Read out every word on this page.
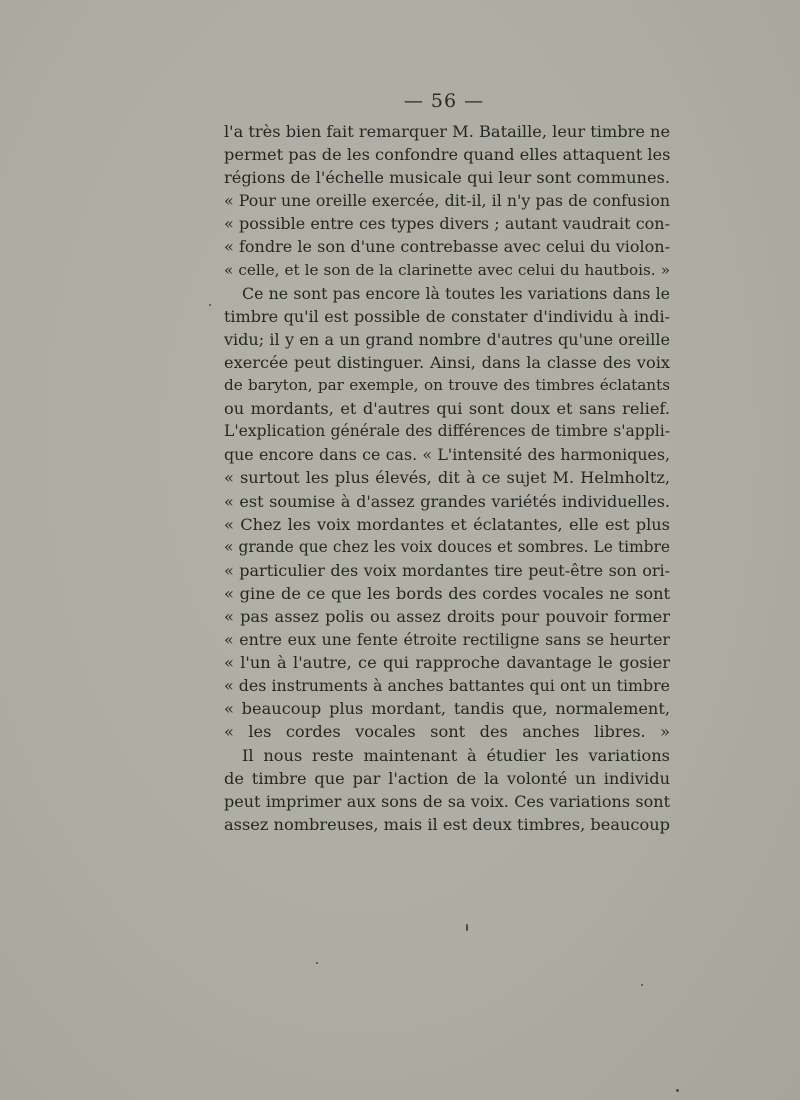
— 56 —
l'a très bien fait remarquer M. Bataille, leur timbre ne
permet pas de les confondre quand elles attaquent les
régions de l'échelle musicale qui leur sont communes.
« Pour une oreille exercée, dit-il, il n'y pas de confusion
« possible entre ces types divers ; autant vaudrait con-
« fondre le son d'une contrebasse avec celui du violon-
« celle, et le son de la clarinette avec celui du hautbois. »
Ce ne sont pas encore là toutes les variations dans le
timbre qu'il est possible de constater d'individu à indi-
vidu; il y en a un grand nombre d'autres qu'une oreille
exercée peut distinguer. Ainsi, dans la classe des voix
de baryton, par exemple, on trouve des timbres éclatants
ou mordants, et d'autres qui sont doux et sans relief.
L'explication générale des différences de timbre s'appli-
que encore dans ce cas. « L'intensité des harmoniques,
« surtout les plus élevés, dit à ce sujet M. Helmholtz,
« est soumise à d'assez grandes variétés individuelles.
« Chez les voix mordantes et éclatantes, elle est plus
« grande que chez les voix douces et sombres. Le timbre
« particulier des voix mordantes tire peut-être son ori-
« gine de ce que les bords des cordes vocales ne sont
« pas assez polis ou assez droits pour pouvoir former
« entre eux une fente étroite rectiligne sans se heurter
« l'un à l'autre, ce qui rapproche davantage le gosier
« des instruments à anches battantes qui ont un timbre
« beaucoup plus mordant, tandis que, normalement,
« les cordes vocales sont des anches libres. »
Il nous reste maintenant à étudier les variations
de timbre que par l'action de la volonté un individu
peut imprimer aux sons de sa voix. Ces variations sont
assez nombreuses, mais il est deux timbres, beaucoup
